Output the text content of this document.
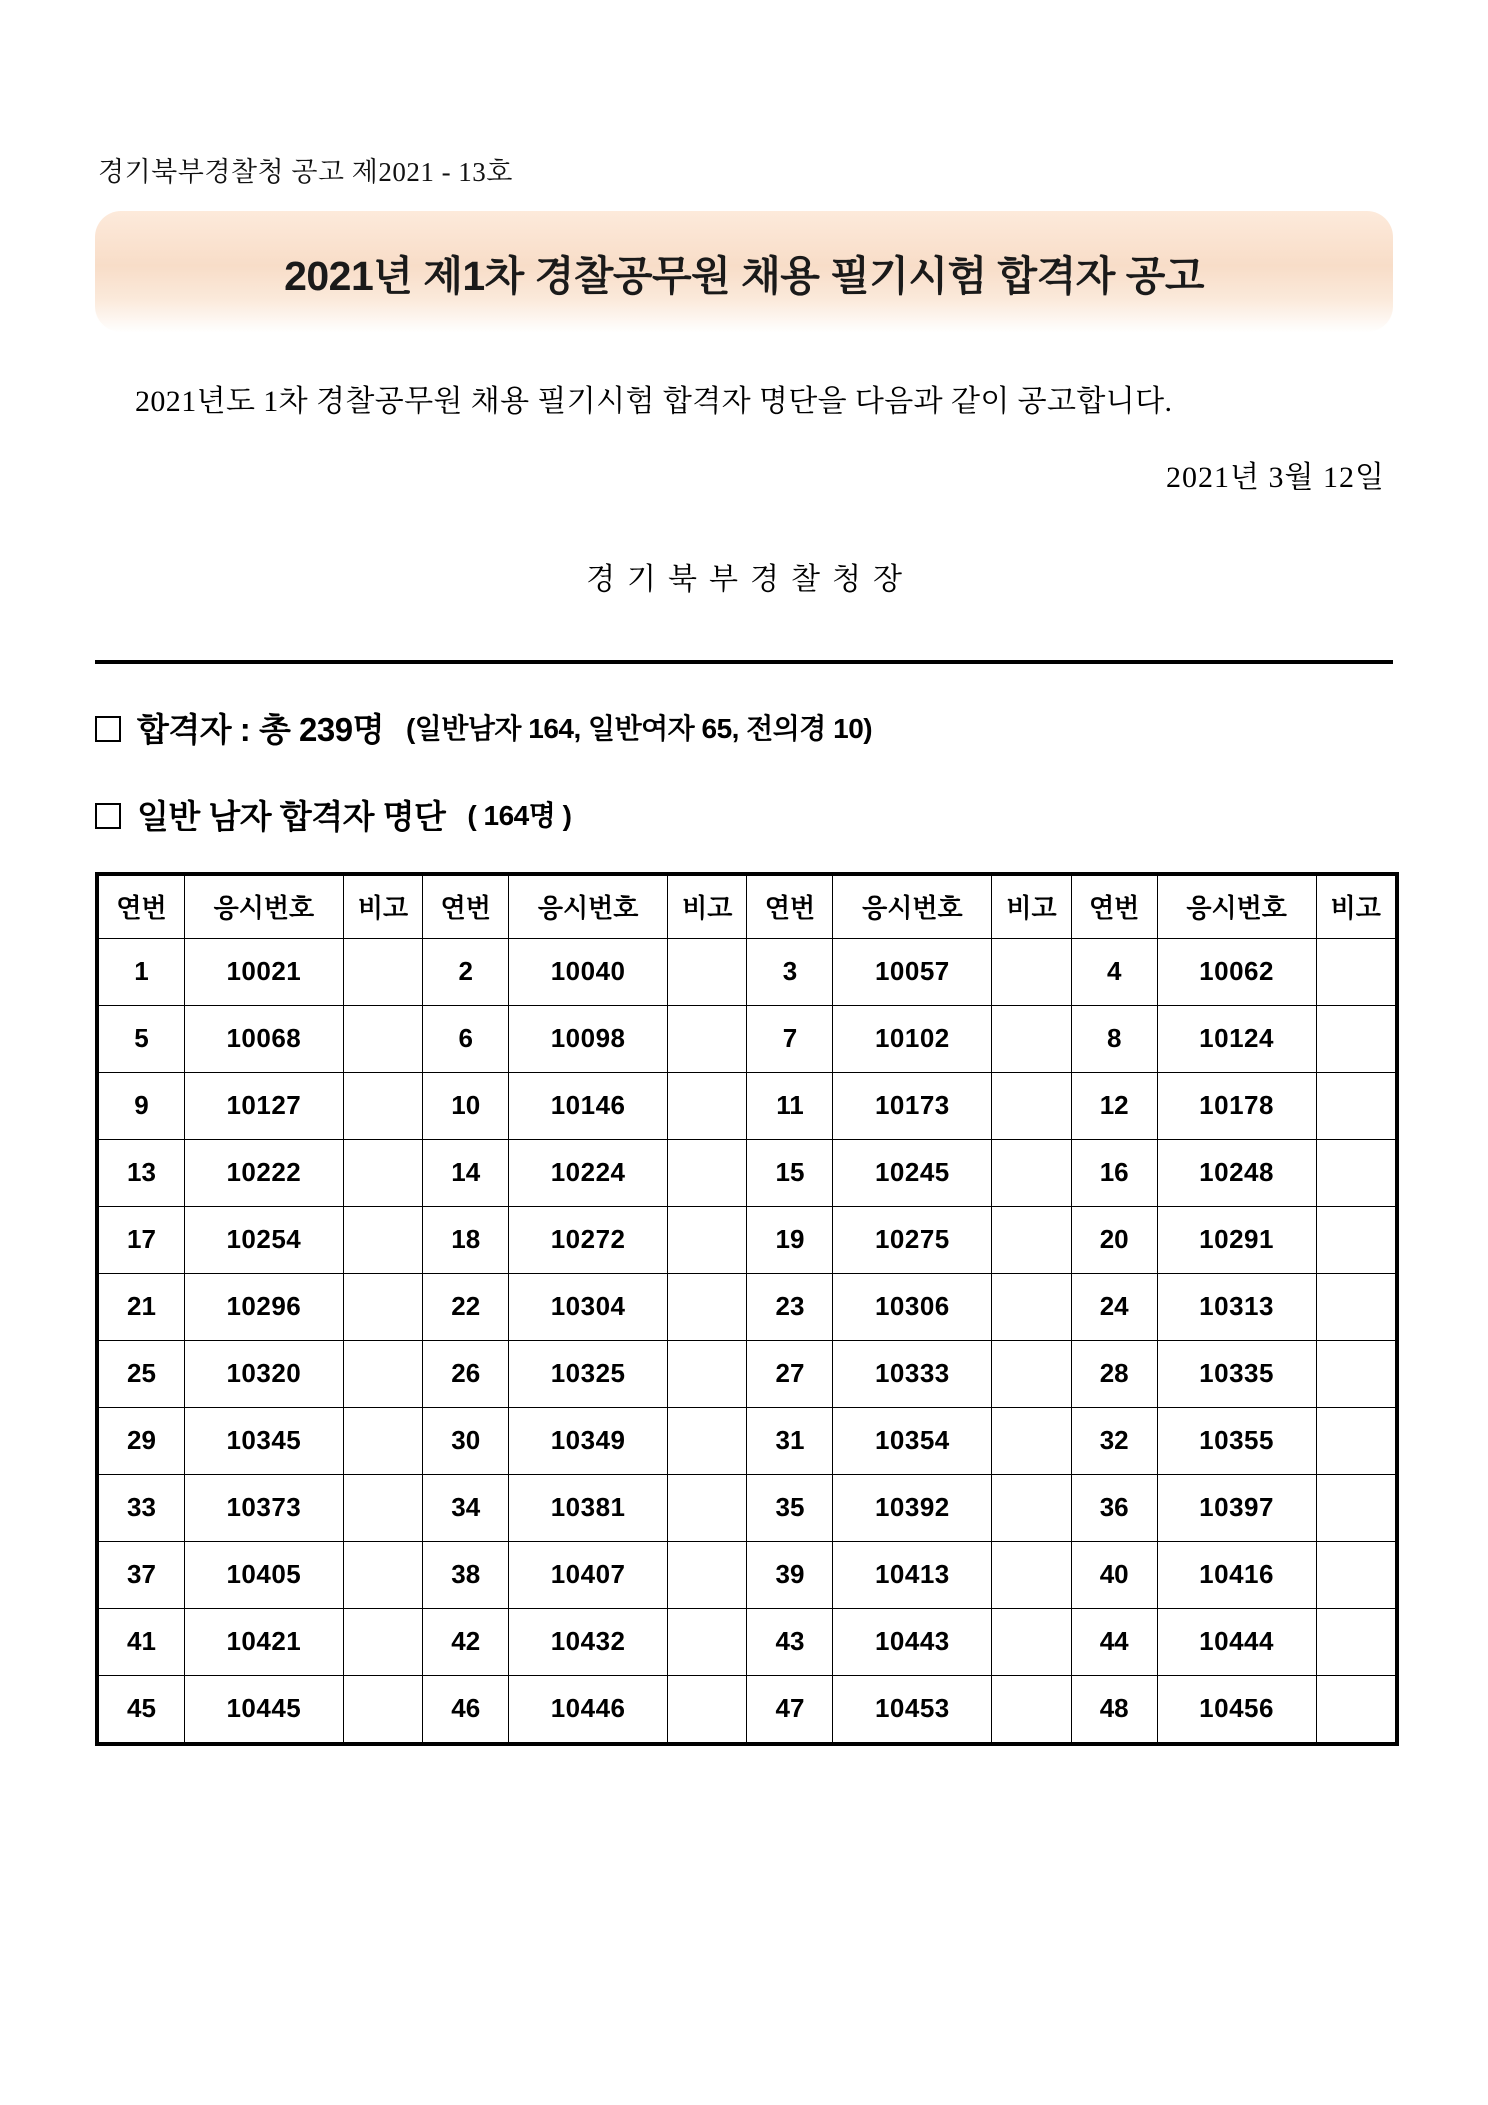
경기북부경찰청 공고 제2021 - 13호
2021년 제1차 경찰공무원 채용 필기시험 합격자 공고
2021년도 1차 경찰공무원 채용 필기시험 합격자 명단을 다음과 같이 공고합니다.
2021년 3월 12일
경기북부경찰청장
합격자 : 총 239명 (일반남자 164, 일반여자 65, 전의경 10)
일반 남자 합격자 명단 ( 164명 )
연번	응시번호	비고	연번	응시번호	비고	연번	응시번호	비고	연번	응시번호	비고
1	10021		2	10040		3	10057		4	10062	
5	10068		6	10098		7	10102		8	10124	
9	10127		10	10146		11	10173		12	10178	
13	10222		14	10224		15	10245		16	10248	
17	10254		18	10272		19	10275		20	10291	
21	10296		22	10304		23	10306		24	10313	
25	10320		26	10325		27	10333		28	10335	
29	10345		30	10349		31	10354		32	10355	
33	10373		34	10381		35	10392		36	10397	
37	10405		38	10407		39	10413		40	10416	
41	10421		42	10432		43	10443		44	10444	
45	10445		46	10446		47	10453		48	10456	
